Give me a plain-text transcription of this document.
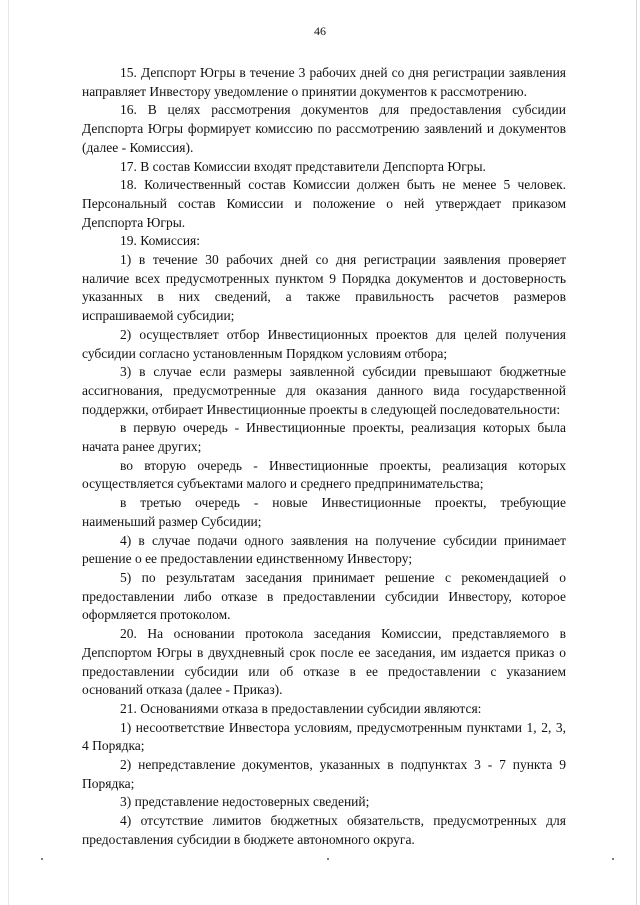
46

15. Депспорт Югры в течение 3 рабочих дней со дня регистрации заявления направляет Инвестору уведомление о принятии документов к рассмотрению.

16. В целях рассмотрения документов для предоставления субсидии Депспорта Югры формирует комиссию по рассмотрению заявлений и документов (далее - Комиссия).

17. В состав Комиссии входят представители Депспорта Югры.

18. Количественный состав Комиссии должен быть не менее 5 человек. Персональный состав Комиссии и положение о ней утверждает приказом Депспорта Югры.

19. Комиссия:

1) в течение 30 рабочих дней со дня регистрации заявления проверяет наличие всех предусмотренных пунктом 9 Порядка документов и достоверность указанных в них сведений, а также правильность расчетов размеров испрашиваемой субсидии;

2) осуществляет отбор Инвестиционных проектов для целей получения субсидии согласно установленным Порядком условиям отбора;

3) в случае если размеры заявленной субсидии превышают бюджетные ассигнования, предусмотренные для оказания данного вида государственной поддержки, отбирает Инвестиционные проекты в следующей последовательности:

в первую очередь - Инвестиционные проекты, реализация которых была начата ранее других;

во вторую очередь - Инвестиционные проекты, реализация которых осуществляется субъектами малого и среднего предпринимательства;

в третью очередь - новые Инвестиционные проекты, требующие наименьший размер Субсидии;

4) в случае подачи одного заявления на получение субсидии принимает решение о ее предоставлении единственному Инвестору;

5) по результатам заседания принимает решение с рекомендацией о предоставлении либо отказе в предоставлении субсидии Инвестору, которое оформляется протоколом.

20. На основании протокола заседания Комиссии, представляемого в Депспортом Югры в двухдневный срок после ее заседания, им издается приказ о предоставлении субсидии или об отказе в ее предоставлении с указанием оснований отказа (далее - Приказ).

21. Основаниями отказа в предоставлении субсидии являются:

1) несоответствие Инвестора условиям, предусмотренным пунктами 1, 2, 3, 4 Порядка;

2) непредставление документов, указанных в подпунктах 3 - 7 пункта 9 Порядка;

3) представление недостоверных сведений;

4) отсутствие лимитов бюджетных обязательств, предусмотренных для предоставления субсидии в бюджете автономного округа.
